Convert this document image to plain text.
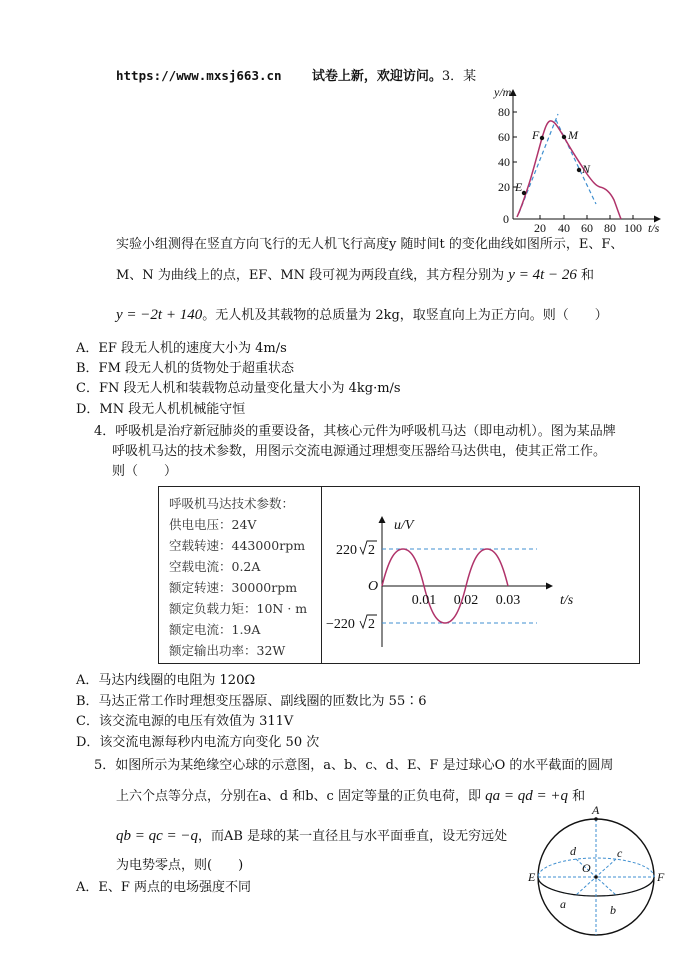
https://www.mxsj663.cn 试卷上新，欢迎访问。3．某
80
60
40
20
0
20 40 60 80 100
y/m
t/s
E
F M
N
实验小组测得在竖直方向飞行的无人机飞行高度y 随时间t 的变化曲线如图所示，E、F、
M、N 为曲线上的点，EF、MN 段可视为两段直线，其方程分别为 y = 4t − 26 和
y = −2t + 140。无人机及其载物的总质量为 2kg，取竖直向上为正方向。则（　　）
A．EF 段无人机的速度大小为 4m/s
B．FM 段无人机的货物处于超重状态
C．FN 段无人机和装载物总动量变化量大小为 4kg·m/s
D．MN 段无人机机械能守恒
4．呼吸机是治疗新冠肺炎的重要设备，其核心元件为呼吸机马达（即电动机）。图为某品牌
呼吸机马达的技术参数，用图示交流电源通过理想变压器给马达供电，使其正常工作。
则（　　）
呼吸机马达技术参数：
供电电压：24V
空载转速：443000rpm
空载电流：0.2A
额定转速：30000rpm
额定负载力矩：10N · m
额定电流：1.9A
额定输出功率：32W
u/V
t/s
O
0.01 0.02 0.03
220 2
−220 2
A．马达内线圈的电阻为 120Ω
B．马达正常工作时理想变压器原、副线圈的匝数比为 55∶6
C．该交流电源的电压有效值为 311V
D．该交流电源每秒内电流方向变化 50 次
5．如图所示为某绝缘空心球的示意图，a、b、c、d、E、F 是过球心O 的水平截面的圆周
上六个点等分点，分别在a、d 和b、c 固定等量的正负电荷，即 qa = qd = +q 和
qb = qc = −q，而AB 是球的某一直径且与水平面垂直，设无穷远处
为电势零点，则(　　)
A．E、F 两点的电场强度不同
A
d	c
O
E	F
a	b
